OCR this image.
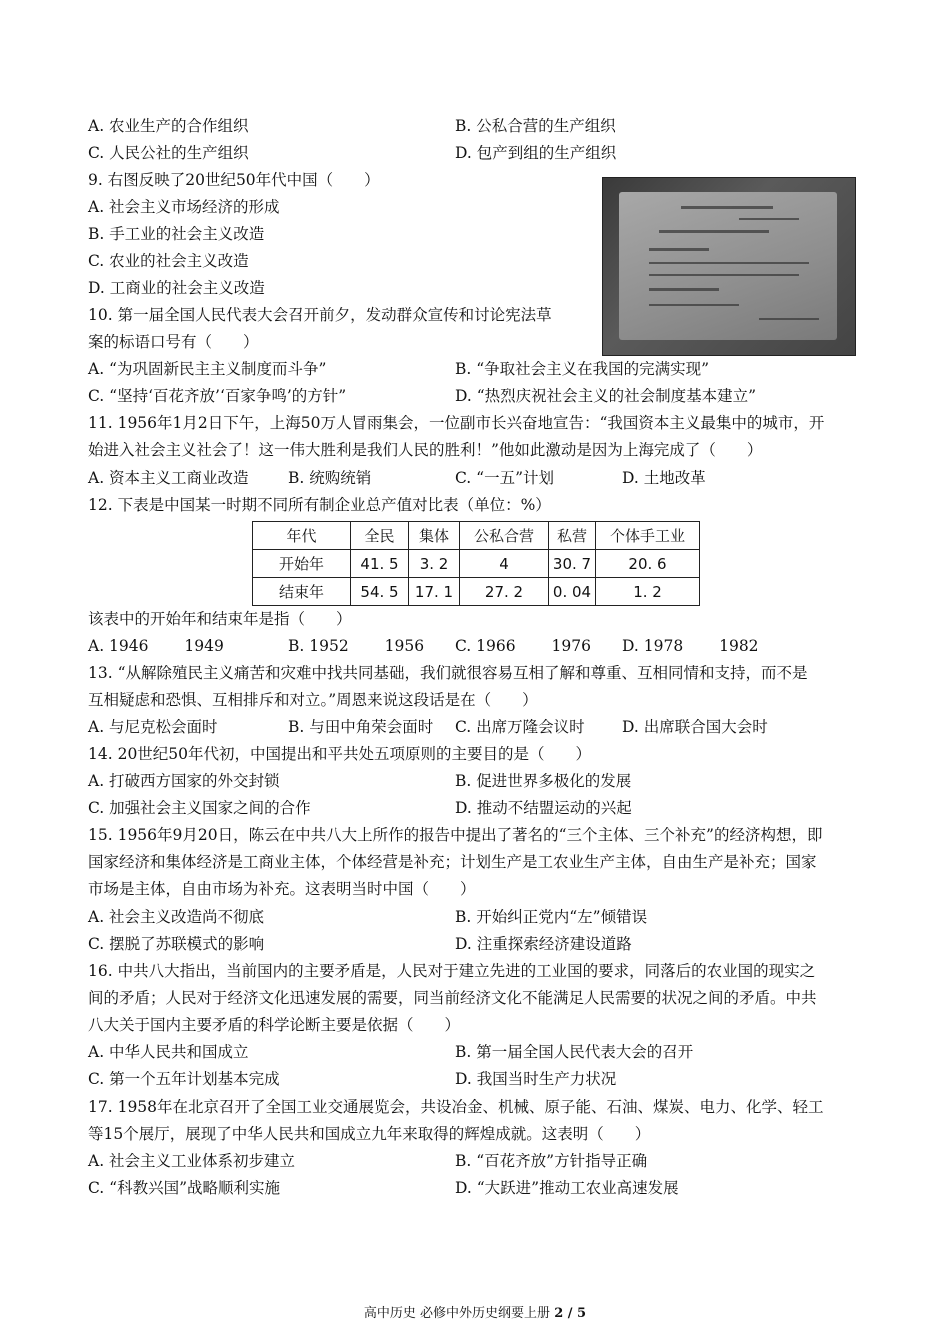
A. 农业生产的合作组织	B. 公私合营的生产组织
C. 人民公社的生产组织	D. 包产到组的生产组织
9. 右图反映了20世纪50年代中国（　　）
A. 社会主义市场经济的形成
B. 手工业的社会主义改造
C. 农业的社会主义改造
D. 工商业的社会主义改造
10. 第一届全国人民代表大会召开前夕，发动群众宣传和讨论宪法草
案的标语口号有（　　）
A. “为巩固新民主主义制度而斗争”	B. “争取社会主义在我国的完满实现”
C. “坚持‘百花齐放’‘百家争鸣’的方针”	D. “热烈庆祝社会主义的社会制度基本建立”
11. 1956年1月2日下午，上海50万人冒雨集会，一位副市长兴奋地宣告：“我国资本主义最集中的城市，开
始进入社会主义社会了！这一伟大胜利是我们人民的胜利！”他如此激动是因为上海完成了（　　）
A. 资本主义工商业改造	B. 统购统销	C. “一五”计划	D. 土地改革
12. 下表是中国某一时期不同所有制企业总产值对比表（单位：%）
年代	全民	集体	公私合营	私营	个体手工业
开始年	41. 5	3. 2	4	30. 7	20. 6
结束年	54. 5	17. 1	27. 2	0. 04	1. 2
该表中的开始年和结束年是指（　　）
A. 1946　　 1949	B. 1952　　 1956 C. 1966　　 1976 D. 1978　　 1982
13. “从解除殖民主义痛苦和灾难中找共同基础，我们就很容易互相了解和尊重、互相同情和支持，而不是
互相疑虑和恐惧、互相排斥和对立。”周恩来说这段话是在（　　）
A. 与尼克松会面时	B. 与田中角荣会面时 C. 出席万隆会议时 D. 出席联合国大会时
14. 20世纪50年代初，中国提出和平共处五项原则的主要目的是（　　）
A. 打破西方国家的外交封锁	B. 促进世界多极化的发展
C. 加强社会主义国家之间的合作	D. 推动不结盟运动的兴起
15. 1956年9月20日，陈云在中共八大上所作的报告中提出了著名的“三个主体、三个补充”的经济构想，即
国家经济和集体经济是工商业主体，个体经营是补充；计划生产是工农业生产主体，自由生产是补充；国家
市场是主体，自由市场为补充。这表明当时中国（　　）
A. 社会主义改造尚不彻底	B. 开始纠正党内“左”倾错误
C. 摆脱了苏联模式的影响	D. 注重探索经济建设道路
16. 中共八大指出，当前国内的主要矛盾是，人民对于建立先进的工业国的要求，同落后的农业国的现实之
间的矛盾；人民对于经济文化迅速发展的需要，同当前经济文化不能满足人民需要的状况之间的矛盾。中共
八大关于国内主要矛盾的科学论断主要是依据（　　）
A. 中华人民共和国成立	B. 第一届全国人民代表大会的召开
C. 第一个五年计划基本完成	D. 我国当时生产力状况
17. 1958年在北京召开了全国工业交通展览会，共设冶金、机械、原子能、石油、煤炭、电力、化学、轻工
等15个展厅，展现了中华人民共和国成立九年来取得的辉煌成就。这表明（　　）
A. 社会主义工业体系初步建立	B. “百花齐放”方针指导正确
C. “科教兴国”战略顺利实施	D. “大跃进”推动工农业高速发展
高中历史 必修中外历史纲要上册 2 / 5
